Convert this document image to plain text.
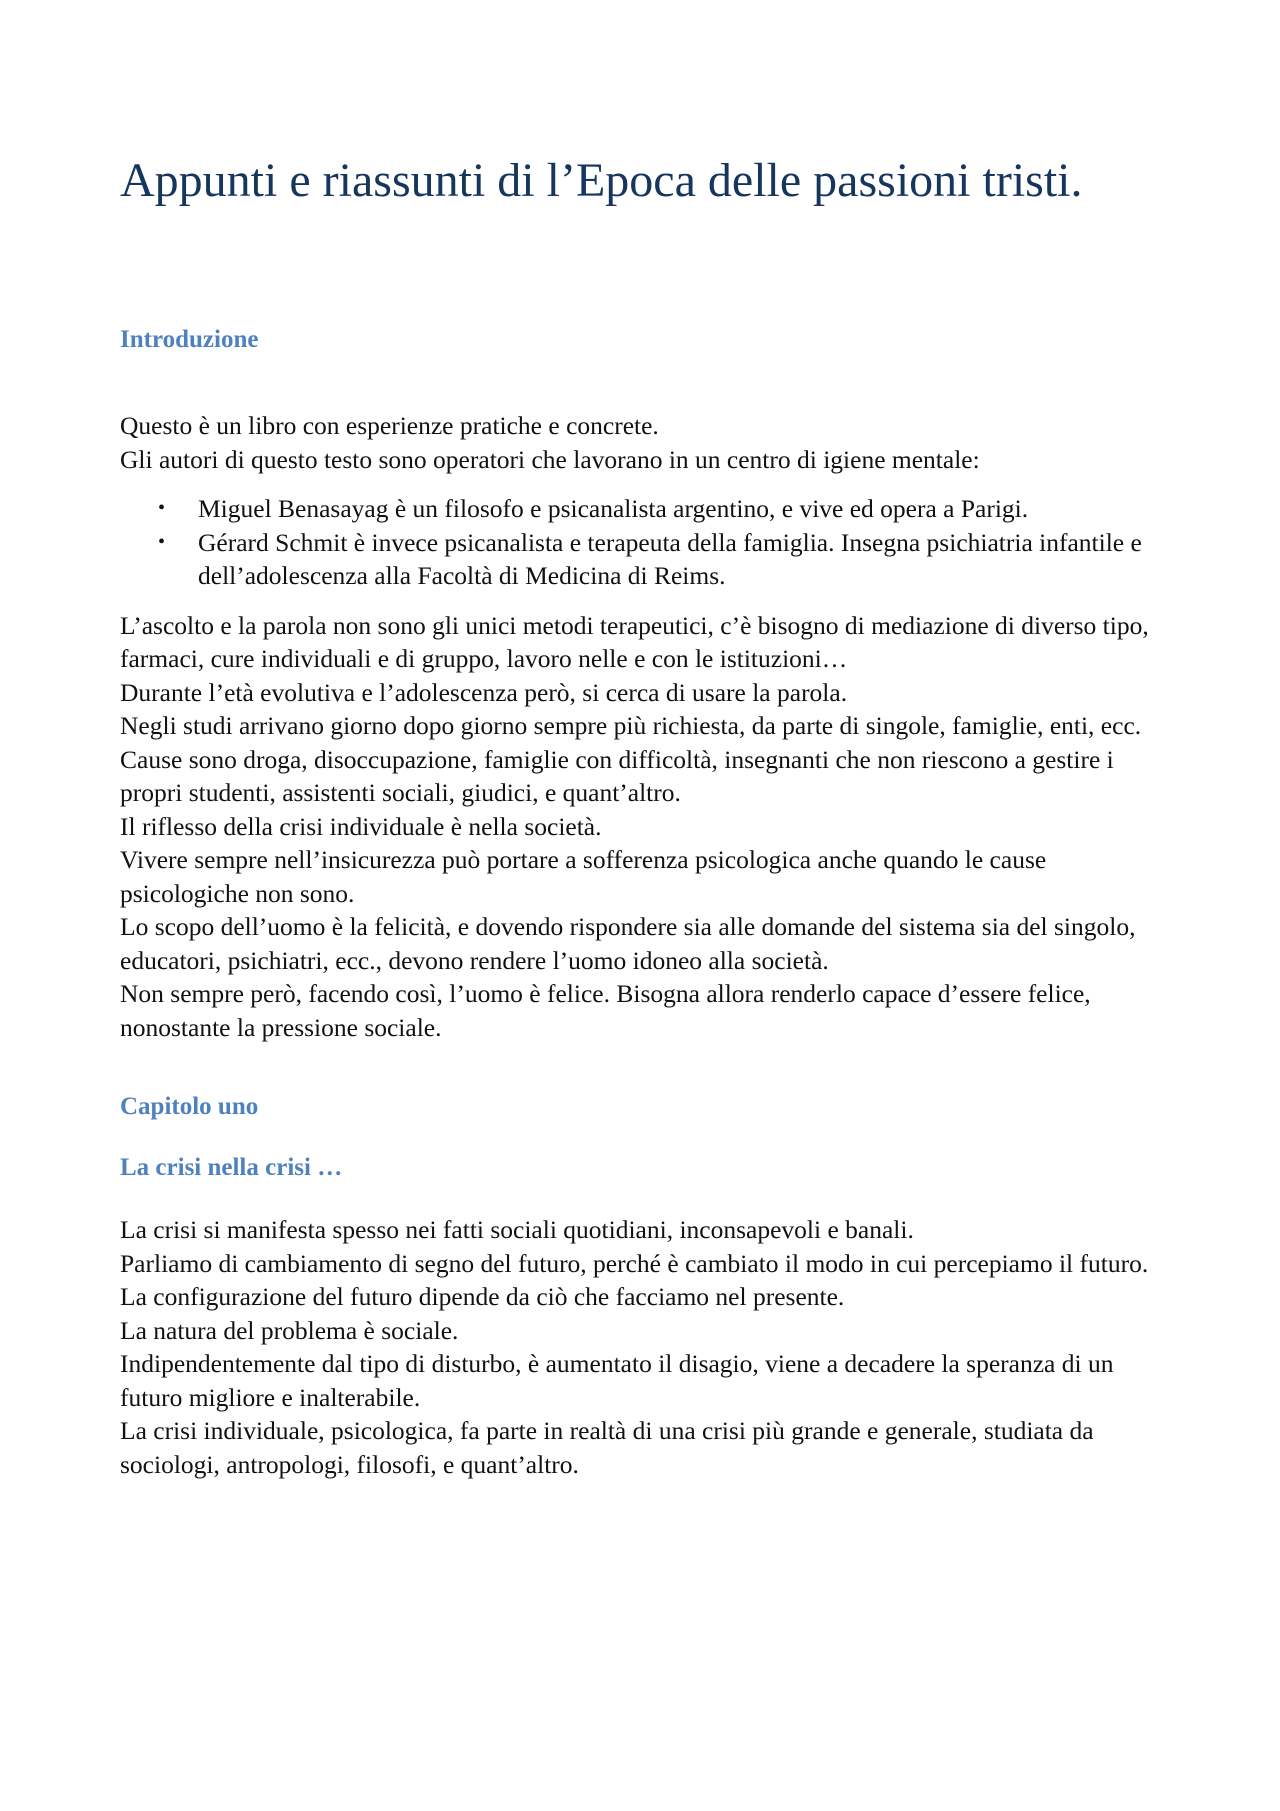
Appunti e riassunti di l’Epoca delle passioni tristi.
Introduzione

Questo è un libro con esperienze pratiche e concrete.

Gli autori di questo testo sono operatori che lavorano in un centro di igiene mentale:

• Miguel Benasayag è un filosofo e psicanalista argentino, e vive ed opera a Parigi.
• Gérard Schmit è invece psicanalista e terapeuta della famiglia. Insegna psichiatria infantile e dell’adolescenza alla Facoltà di Medicina di Reims.

L’ascolto e la parola non sono gli unici metodi terapeutici, c’è bisogno di mediazione di diverso tipo, farmaci, cure individuali e di gruppo, lavoro nelle e con le istituzioni…

Durante l’età evolutiva e l’adolescenza però, si cerca di usare la parola.

Negli studi arrivano giorno dopo giorno sempre più richiesta, da parte di singole, famiglie, enti, ecc.

Cause sono droga, disoccupazione, famiglie con difficoltà, insegnanti che non riescono a gestire i propri studenti, assistenti sociali, giudici, e quant’altro.

Il riflesso della crisi individuale è nella società.

Vivere sempre nell’insicurezza può portare a sofferenza psicologica anche quando le cause psicologiche non sono.

Lo scopo dell’uomo è la felicità, e dovendo rispondere sia alle domande del sistema sia del singolo, educatori, psichiatri, ecc., devono rendere l’uomo idoneo alla società.

Non sempre però, facendo così, l’uomo è felice. Bisogna allora renderlo capace d’essere felice, nonostante la pressione sociale.

Capitolo uno
La crisi nella crisi …

La crisi si manifesta spesso nei fatti sociali quotidiani, inconsapevoli e banali.

Parliamo di cambiamento di segno del futuro, perché è cambiato il modo in cui percepiamo il futuro.

La configurazione del futuro dipende da ciò che facciamo nel presente.

La natura del problema è sociale.

Indipendentemente dal tipo di disturbo, è aumentato il disagio, viene a decadere la speranza di un futuro migliore e inalterabile.

La crisi individuale, psicologica, fa parte in realtà di una crisi più grande e generale, studiata da sociologi, antropologi, filosofi, e quant’altro.
